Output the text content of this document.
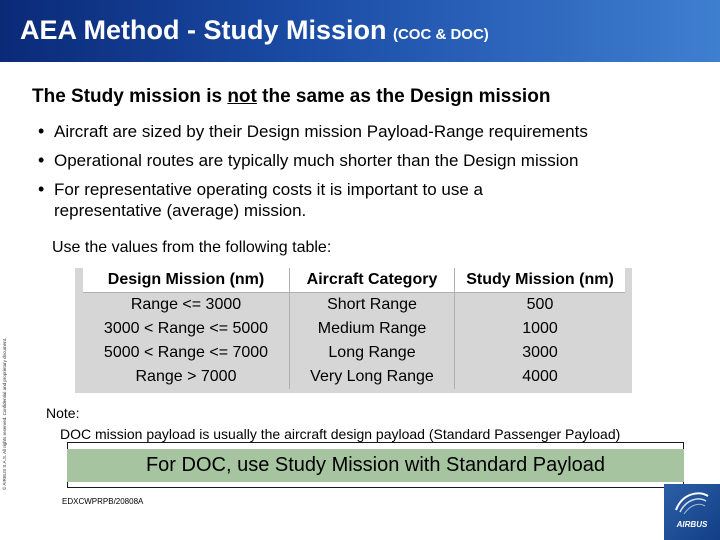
AEA Method - Study Mission (COC & DOC)
The Study mission is not the same as the Design mission
• Aircraft are sized by their Design mission Payload-Range requirements
• Operational routes are typically much shorter than the Design mission
• For representative operating costs it is important to use a
representative (average) mission.
Use the values from the following table:
Design Mission (nm)	Aircraft Category	Study Mission (nm)
Range <= 3000	Short Range	500
3000 < Range <= 5000	Medium Range	1000
5000 < Range <= 7000	Long Range	3000
Range > 7000	Very Long Range	4000
© AIRBUS S.A.S. All rights reserved. Confidential and proprietary document.	Note:
DOC mission payload is usually the aircraft design payload (Standard Passenger Payload)
For DOC, use Study Mission with Standard Payload
EDXCWPRPB/20808A
AIRBUS
